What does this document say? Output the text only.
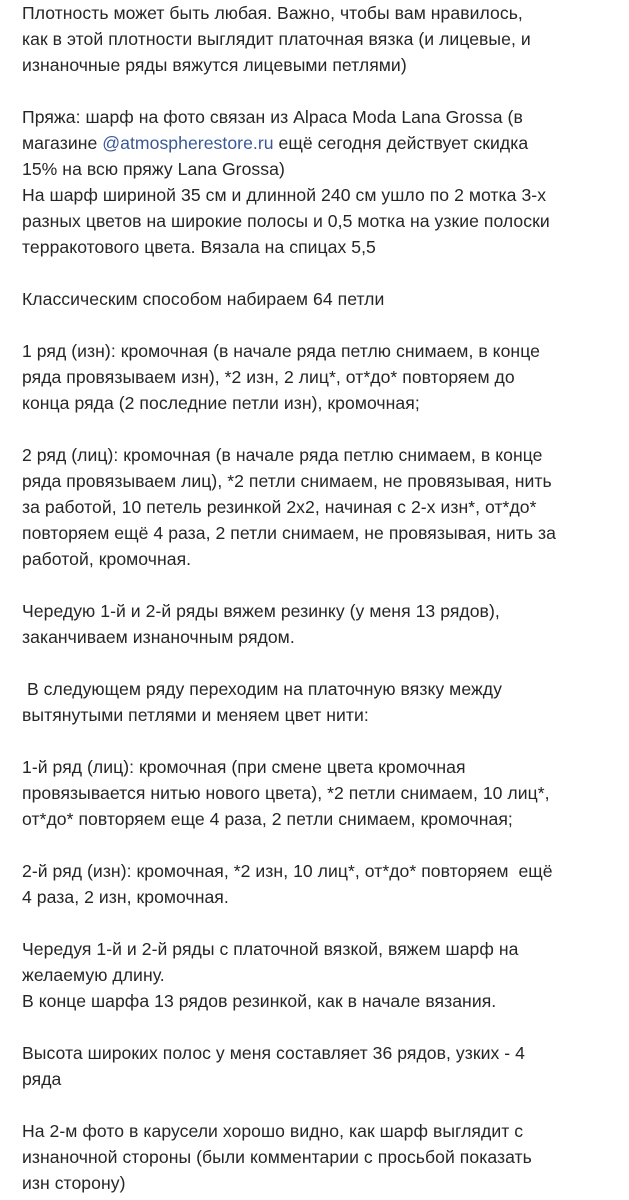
Плотность может быть любая. Важно, чтобы вам нравилось,
как в этой плотности выглядит платочная вязка (и лицевые, и
изнаночные ряды вяжутся лицевыми петлями)

Пряжа: шарф на фото связан из Alpaca Moda Lana Grossa (в
магазине @atmospherestore.ru ещё сегодня действует скидка
15% на всю пряжу Lana Grossa)
На шарф шириной 35 см и длинной 240 см ушло по 2 мотка 3-х
разных цветов на широкие полосы и 0,5 мотка на узкие полоски
терракотового цвета. Вязала на спицах 5,5

Классическим способом набираем 64 петли

1 ряд (изн): кромочная (в начале ряда петлю снимаем, в конце
ряда провязываем изн), *2 изн, 2 лиц*, от*до* повторяем до
конца ряда (2 последние петли изн), кромочная;

2 ряд (лиц): кромочная (в начале ряда петлю снимаем, в конце
ряда провязываем лиц), *2 петли снимаем, не провязывая, нить
за работой, 10 петель резинкой 2х2, начиная с 2-х изн*, от*до*
повторяем ещё 4 раза, 2 петли снимаем, не провязывая, нить за
работой, кромочная.

Чередую 1-й и 2-й ряды вяжем резинку (у меня 13 рядов),
заканчиваем изнаночным рядом.

В следующем ряду переходим на платочную вязку между
вытянутыми петлями и меняем цвет нити:

1-й ряд (лиц): кромочная (при смене цвета кромочная
провязывается нитью нового цвета), *2 петли снимаем, 10 лиц*,
от*до* повторяем еще 4 раза, 2 петли снимаем, кромочная;

2-й ряд (изн): кромочная, *2 изн, 10 лиц*, от*до* повторяем  ещё
4 раза, 2 изн, кромочная.

Чередуя 1-й и 2-й ряды с платочной вязкой, вяжем шарф на
желаемую длину.
В конце шарфа 13 рядов резинкой, как в начале вязания.

Высота широких полос у меня составляет 36 рядов, узких - 4
ряда

На 2-м фото в карусели хорошо видно, как шарф выглядит с
изнаночной стороны (были комментарии с просьбой показать
изн сторону)
